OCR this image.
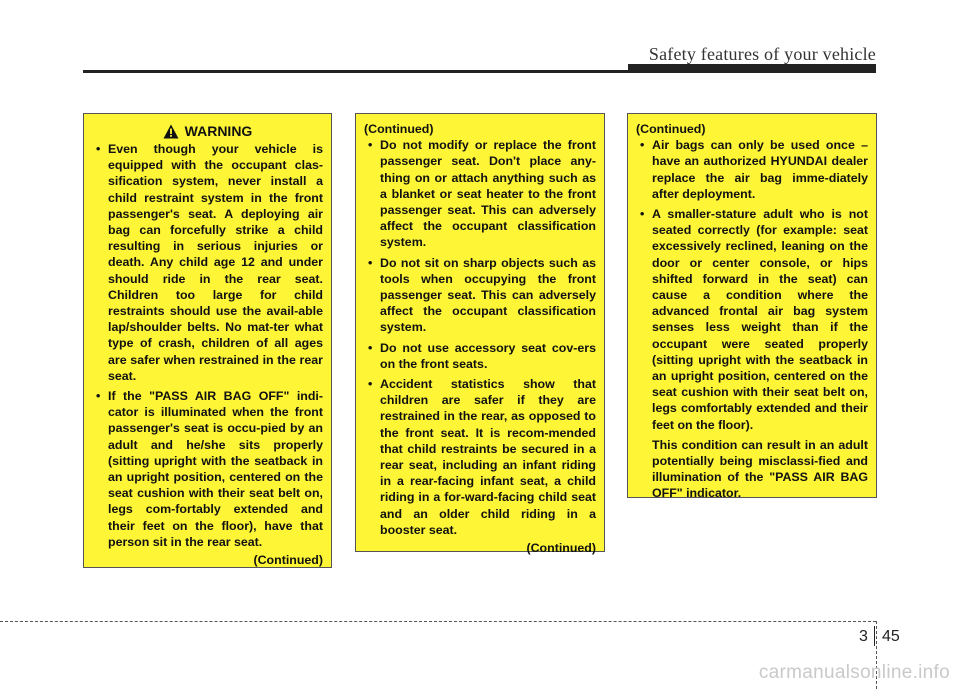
Safety features of your vehicle
WARNING
• Even though your vehicle is equipped with the occupant clas-sification system, never install a child restraint system in the front passenger's seat. A deploying air bag can forcefully strike a child resulting in serious injuries or death. Any child age 12 and under should ride in the rear seat. Children too large for child restraints should use the avail-able lap/shoulder belts. No mat-ter what type of crash, children of all ages are safer when restrained in the rear seat.
• If the "PASS AIR BAG OFF" indi-cator is illuminated when the front passenger's seat is occu-pied by an adult and he/she sits properly (sitting upright with the seatback in an upright position, centered on the seat cushion with their seat belt on, legs com-fortably extended and their feet on the floor), have that person sit in the rear seat.
(Continued)
(Continued)
• Do not modify or replace the front passenger seat. Don't place any-thing on or attach anything such as a blanket or seat heater to the front passenger seat. This can adversely affect the occupant classification system.
• Do not sit on sharp objects such as tools when occupying the front passenger seat. This can adversely affect the occupant classification system.
• Do not use accessory seat cov-ers on the front seats.
• Accident statistics show that children are safer if they are restrained in the rear, as opposed to the front seat. It is recom-mended that child restraints be secured in a rear seat, including an infant riding in a rear-facing infant seat, a child riding in a for-ward-facing child seat and an older child riding in a booster seat.
(Continued)
(Continued)
• Air bags can only be used once – have an authorized HYUNDAI dealer replace the air bag imme-diately after deployment.
• A smaller-stature adult who is not seated correctly (for example: seat excessively reclined, leaning on the door or center console, or hips shifted forward in the seat) can cause a condition where the advanced frontal air bag system senses less weight than if the occupant were seated properly (sitting upright with the seatback in an upright position, centered on the seat cushion with their seat belt on, legs comfortably extended and their feet on the floor).
This condition can result in an adult potentially being misclassi-fied and illumination of the "PASS AIR BAG OFF" indicator.
3 45
carmanualsonline.info
